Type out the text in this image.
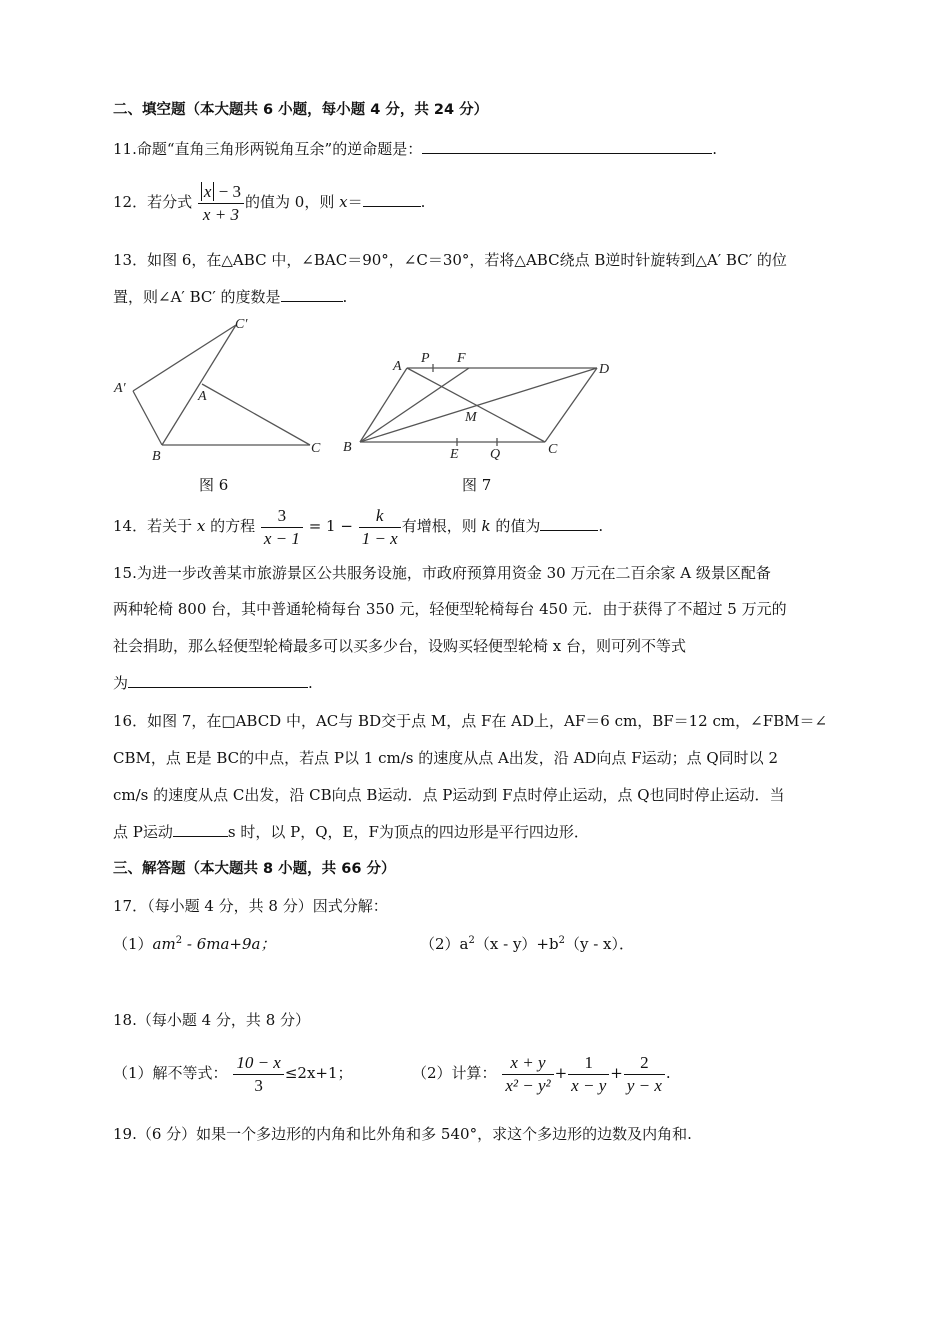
二、填空题（本大题共 6 小题，每小题 4 分，共 24 分）
11.命题“直角三角形两锐角互余”的逆命题是：	.
12．若分式 $\frac{x - 3}{x + 3}$ 的值为 0，则 x＝	.
13．如图 6，在△ABC 中，∠BAC＝90°，∠C＝30°，若将△ABC绕点 B逆时针旋转到△A′ BC′ 的位
置，则∠A′ BC′ 的度数是	.
C′
A′
A
B
C
图 6
A
P F
D
M
B	E Q	C
图 7
14．若关于 x 的方程 $\frac{3}{x - 1} = 1 - \frac{k}{1 - x}$ 有增根，则 k 的值为	.
15.为进一步改善某市旅游景区公共服务设施，市政府预算用资金 30 万元在二百余家 A 级景区配备
两种轮椅 800 台，其中普通轮椅每台 350 元，轻便型轮椅每台 450 元．由于获得了不超过 5 万元的
社会捐助，那么轻便型轮椅最多可以买多少台，设购买轻便型轮椅 x 台，则可列不等式
为	.
16．如图 7，在□ABCD 中，AC与 BD交于点 M，点 F在 AD上，AF＝6 cm，BF＝12 cm，∠FBM＝∠
CBM，点 E是 BC的中点，若点 P以 1 cm/s 的速度从点 A出发，沿 AD向点 F运动；点 Q同时以 2
cm/s 的速度从点 C出发，沿 CB向点 B运动．点 P运动到 F点时停止运动，点 Q也同时停止运动．当
点 P运动	s 时，以 P，Q，E，F为顶点的四边形是平行四边形．
三、解答题（本大题共 8 小题，共 66 分）
17．（每小题 4 分，共 8 分）因式分解：
$(1)am^2 - 6ma+9a$；	$(2)a^2(x - y)+b^2(y - x)$．
18.（每小题 4 分，共 8 分）
（1）解不等式： $\frac{10 - x}{3} \le 2x+1$；	（2）计算： $\frac{x + y}{\text{x² − y²}} + \frac{1}{x - y} + \frac{2}{y - x}$ .
19.（6 分）如果一个多边形的内角和比外角和多 540°，求这个多边形的边数及内角和.
